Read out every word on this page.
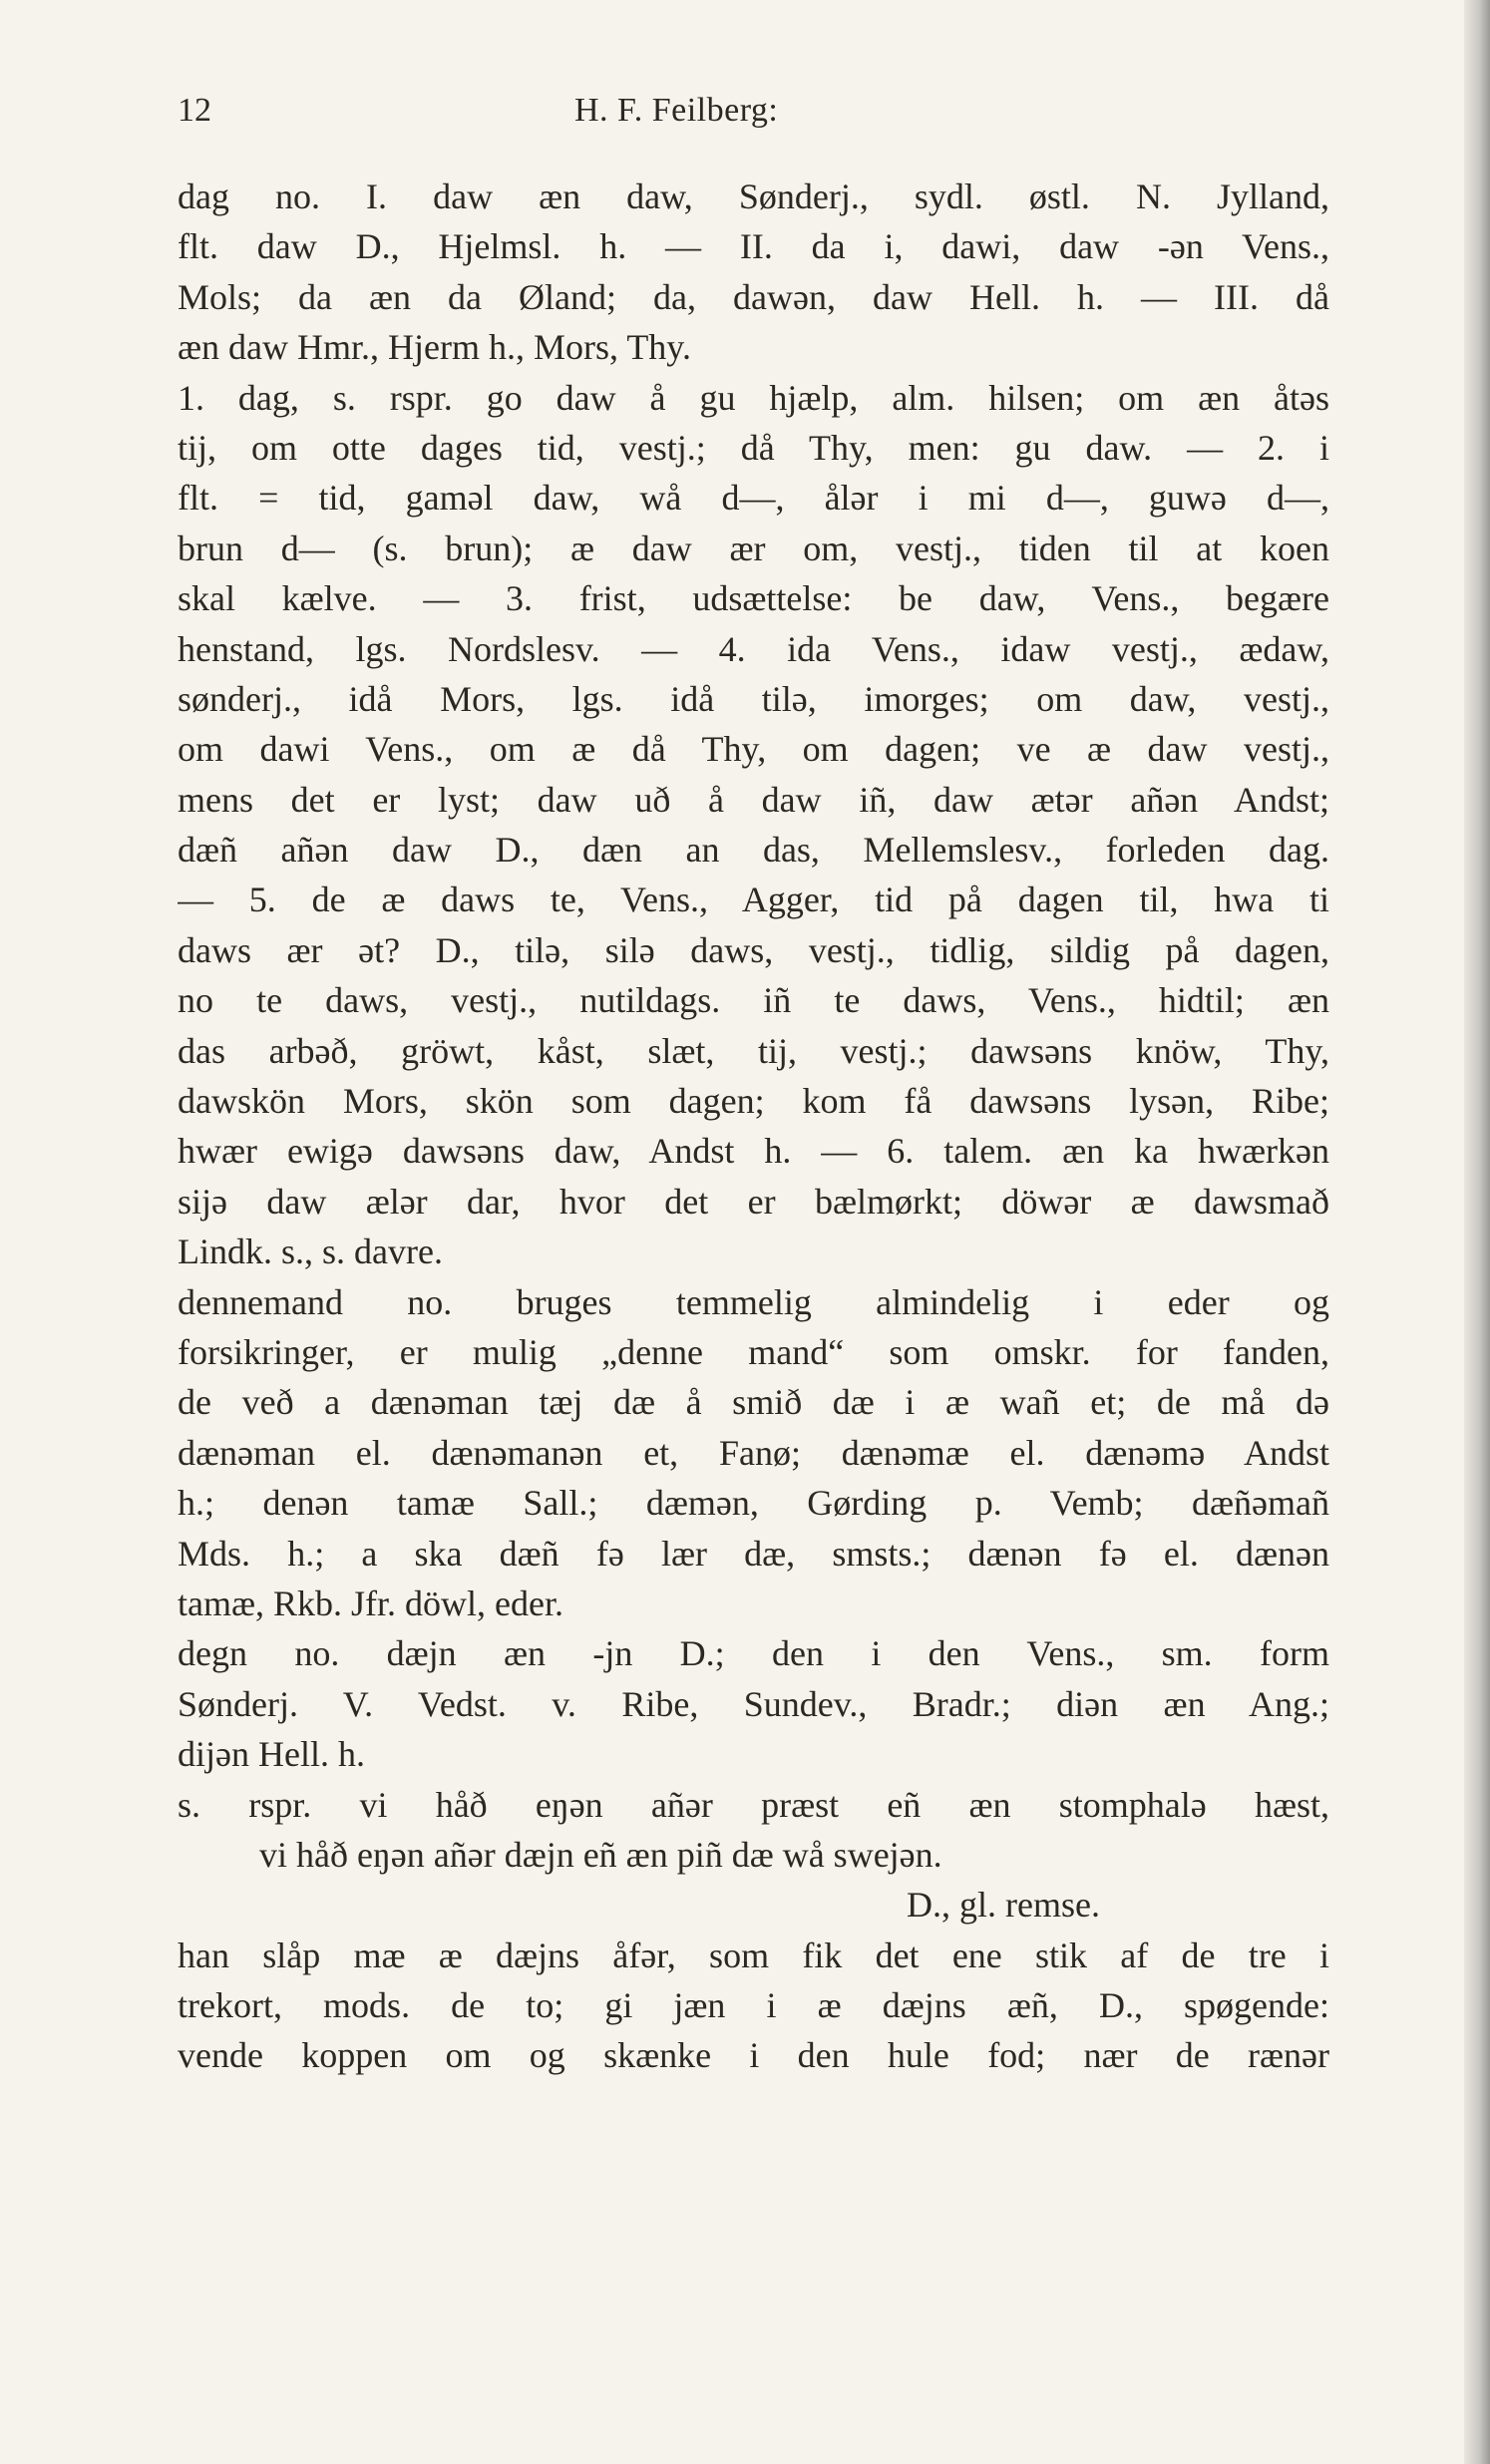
12	H. F. Feilberg:
dag no. I. daw æn daw, Sønderj., sydl. østl. N. Jylland,
flt. daw D., Hjelmsl. h. — II. da i, dawi, daw -ən Vens.,
Mols; da æn da Øland; da, dawən, daw Hell. h. — III. då
æn daw Hmr., Hjerm h., Mors, Thy.
1. dag, s. rspr. go daw å gu hjælp, alm. hilsen; om æn åtəs
tij, om otte dages tid, vestj.; då Thy, men: gu daw. — 2. i
flt. = tid, gaməl daw, wå d—, ålər i mi d—, guwə d—,
brun d— (s. brun); æ daw ær om, vestj., tiden til at koen
skal kælve. — 3. frist, udsættelse: be daw, Vens., begære
henstand, lgs. Nordslesv. — 4. ida Vens., idaw vestj., ædaw,
sønderj., idå Mors, lgs. idå tilə, imorges; om daw, vestj.,
om dawi Vens., om æ då Thy, om dagen; ve æ daw vestj.,
mens det er lyst; daw uð å daw iñ, daw ætər añən Andst;
dæñ añən daw D., dæn an das, Mellemslesv., forleden dag.
— 5. de æ daws te, Vens., Agger, tid på dagen til, hwa ti
daws ær ət? D., tilə, silə daws, vestj., tidlig, sildig på dagen,
no te daws, vestj., nutildags. iñ te daws, Vens., hidtil; æn
das arbəð, gröwt, kåst, slæt, tij, vestj.; dawsəns knöw, Thy,
dawskön Mors, skön som dagen; kom få dawsəns lysən, Ribe;
hwær ewigə dawsəns daw, Andst h. — 6. talem. æn ka hwærkən
sijə daw ælər dar, hvor det er bælmørkt; döwər æ dawsmað
Lindk. s., s. davre.
dennemand no. bruges temmelig almindelig i eder og
forsikringer, er mulig „denne mand“ som omskr. for fanden,
de veð a dænəman tæj dæ å smið dæ i æ wañ et; de må də
dænəman el. dænəmanən et, Fanø; dænəmæ el. dænəmə Andst
h.; denən tamæ Sall.; dæmən, Gørding p. Vemb; dæñəmañ
Mds. h.; a ska dæñ fə lær dæ, smsts.; dænən fə el. dænən
tamæ, Rkb. Jfr. döwl, eder.
degn no. dæjn æn -jn D.; den i den Vens., sm. form
Sønderj. V. Vedst. v. Ribe, Sundev., Bradr.; diən æn Ang.;
dijən Hell. h.
s. rspr. vi håð eŋən añər præst eñ æn stomphalə hæst,
vi håð eŋən añər dæjn eñ æn piñ dæ wå swejən.
D., gl. remse.
han slåp mæ æ dæjns åfər, som fik det ene stik af de tre i
trekort, mods. de to; gi jæn i æ dæjns æñ, D., spøgende:
vende koppen om og skænke i den hule fod; nær de rænər
